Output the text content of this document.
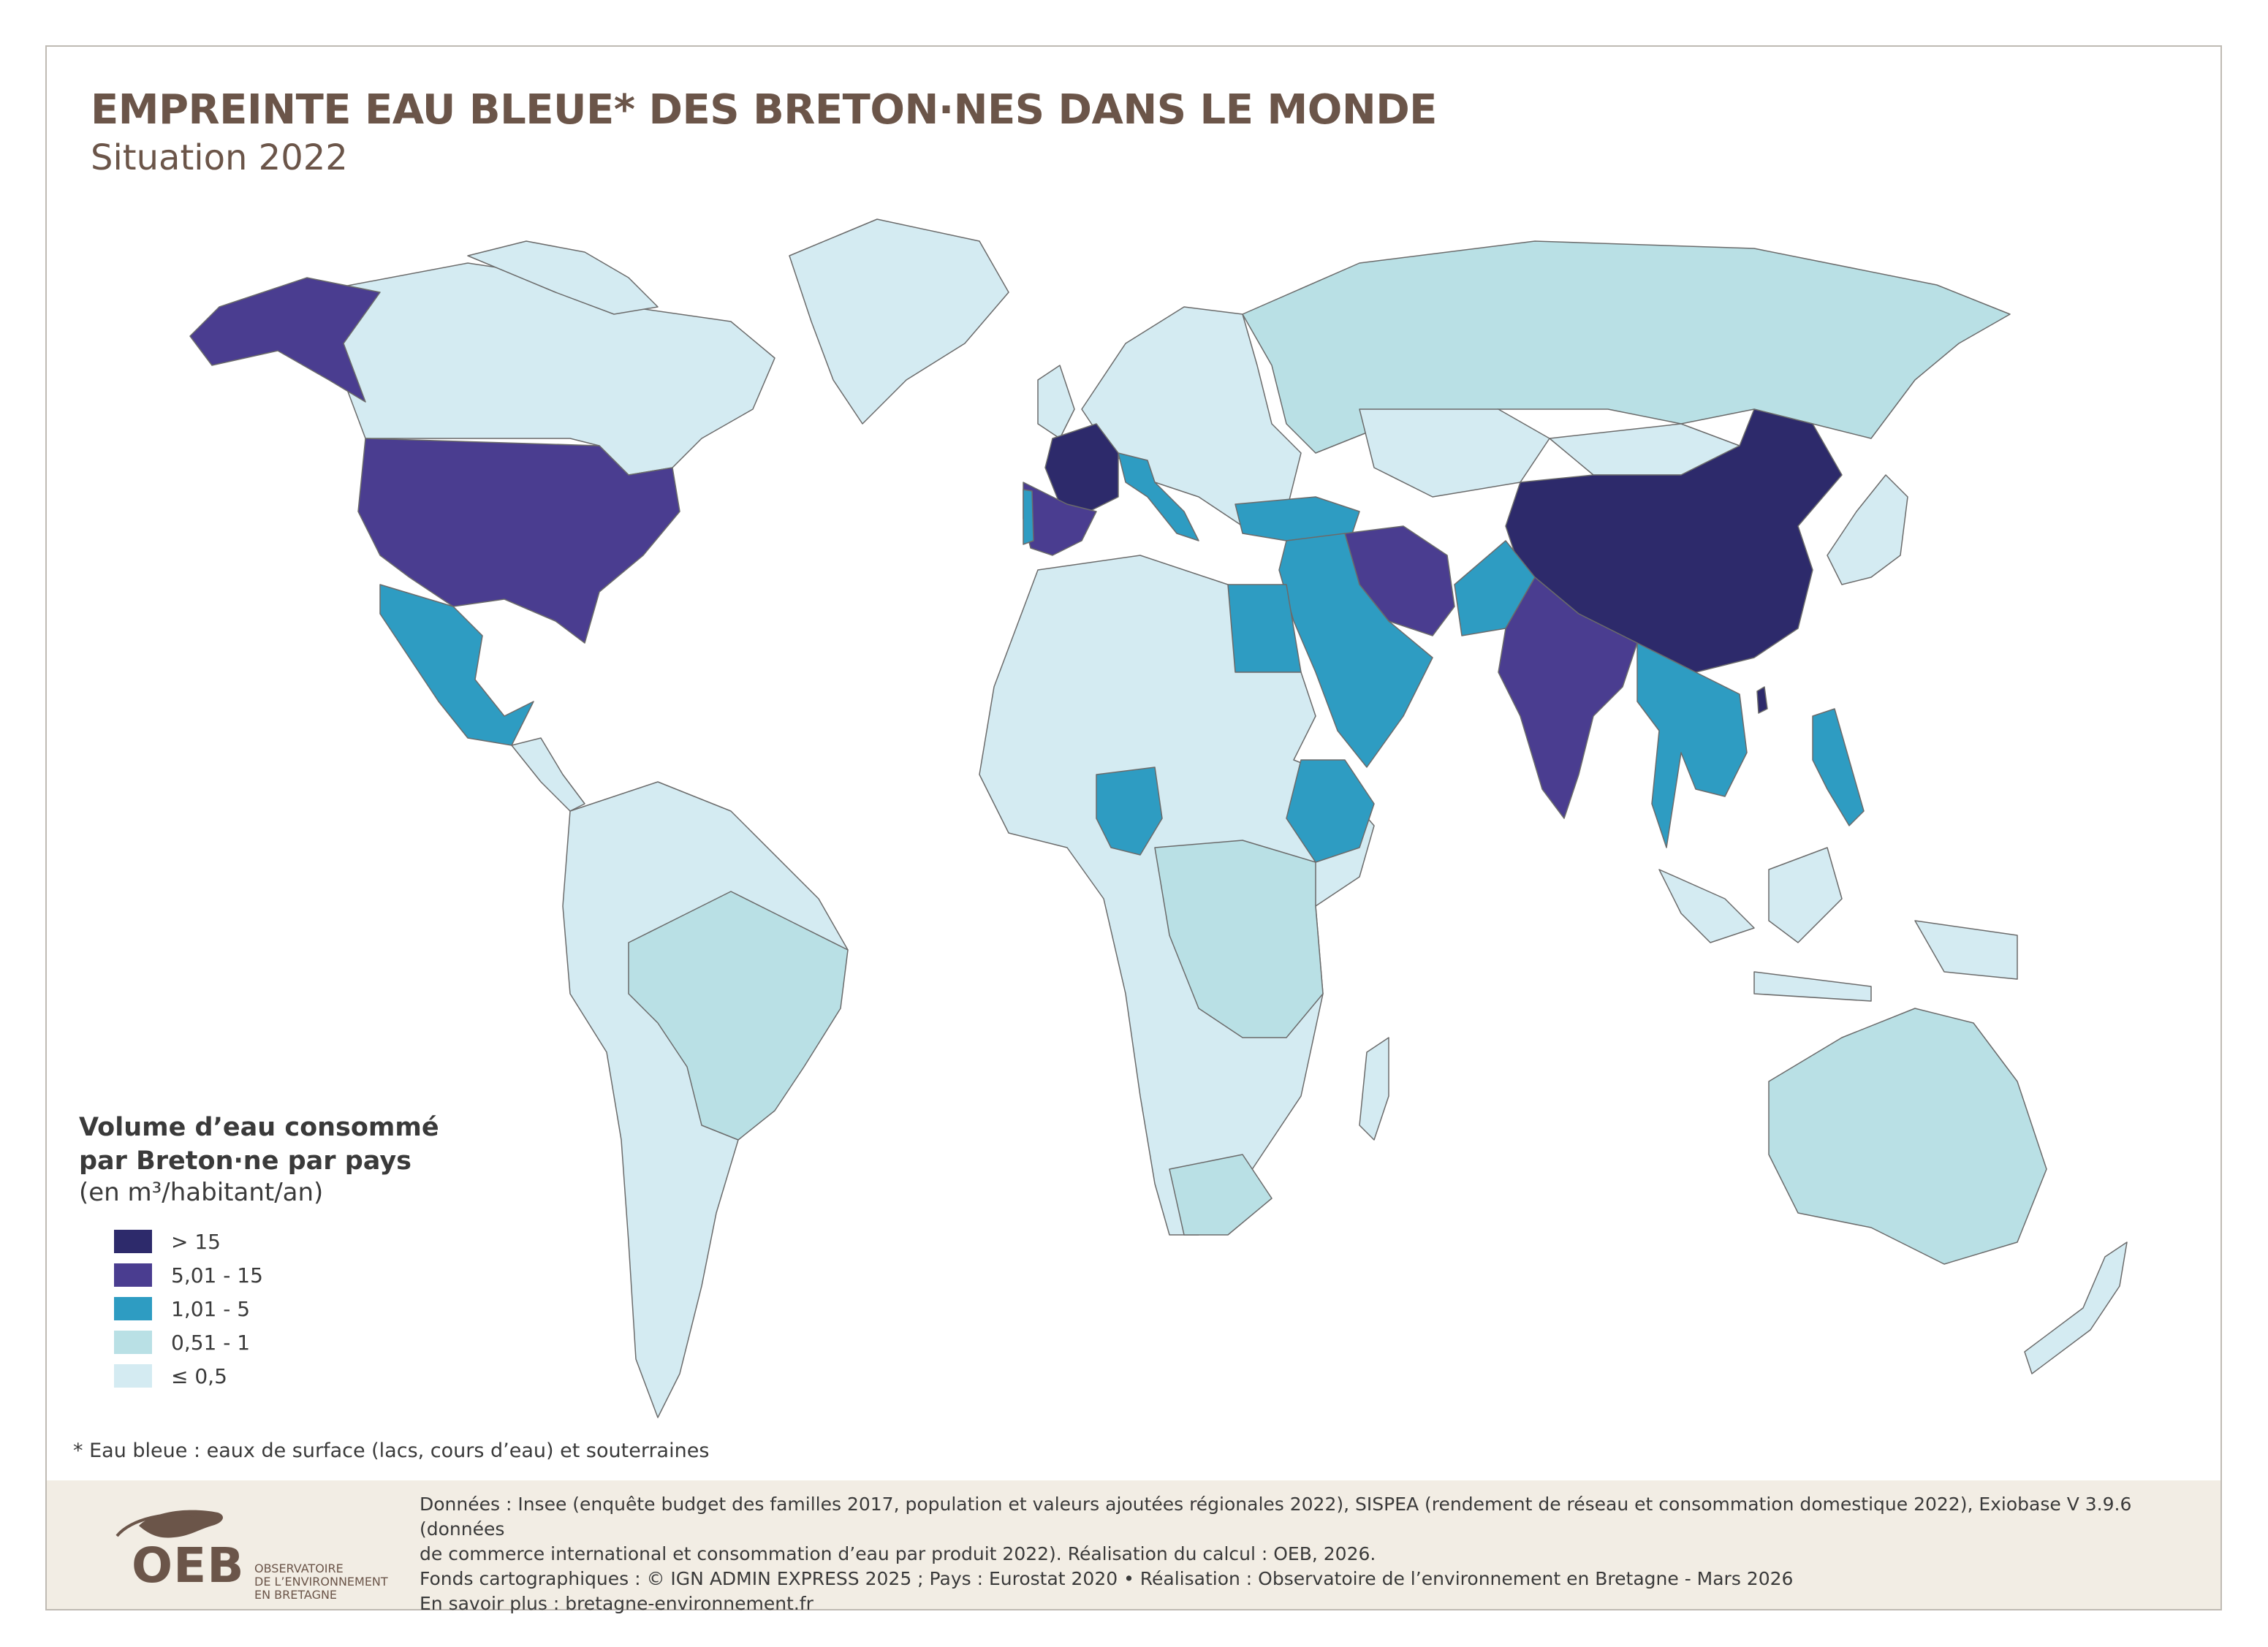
EMPREINTE EAU BLEUE* DES BRETON·NES DANS LE MONDE
Situation 2022
Volume d’eau consommé
par Breton·ne par pays
(en m³/habitant/an)
> 15
5,01 - 15
1,01 - 5
0,51 - 1
≤ 0,5
* Eau bleue : eaux de surface (lacs, cours d’eau) et souterraines
OEB OBSERVATOIRE
DE L’ENVIRONNEMENT
EN BRETAGNE
Données : Insee (enquête budget des familles 2017, population et valeurs ajoutées régionales 2022), SISPEA (rendement de réseau et consommation domestique 2022), Exiobase V 3.9.6 (données
de commerce international et consommation d’eau par produit 2022). Réalisation du calcul : OEB, 2026.
Fonds cartographiques : © IGN ADMIN EXPRESS 2025 ; Pays : Eurostat 2020 • Réalisation : Observatoire de l’environnement en Bretagne - Mars 2026
En savoir plus : bretagne-environnement.fr
